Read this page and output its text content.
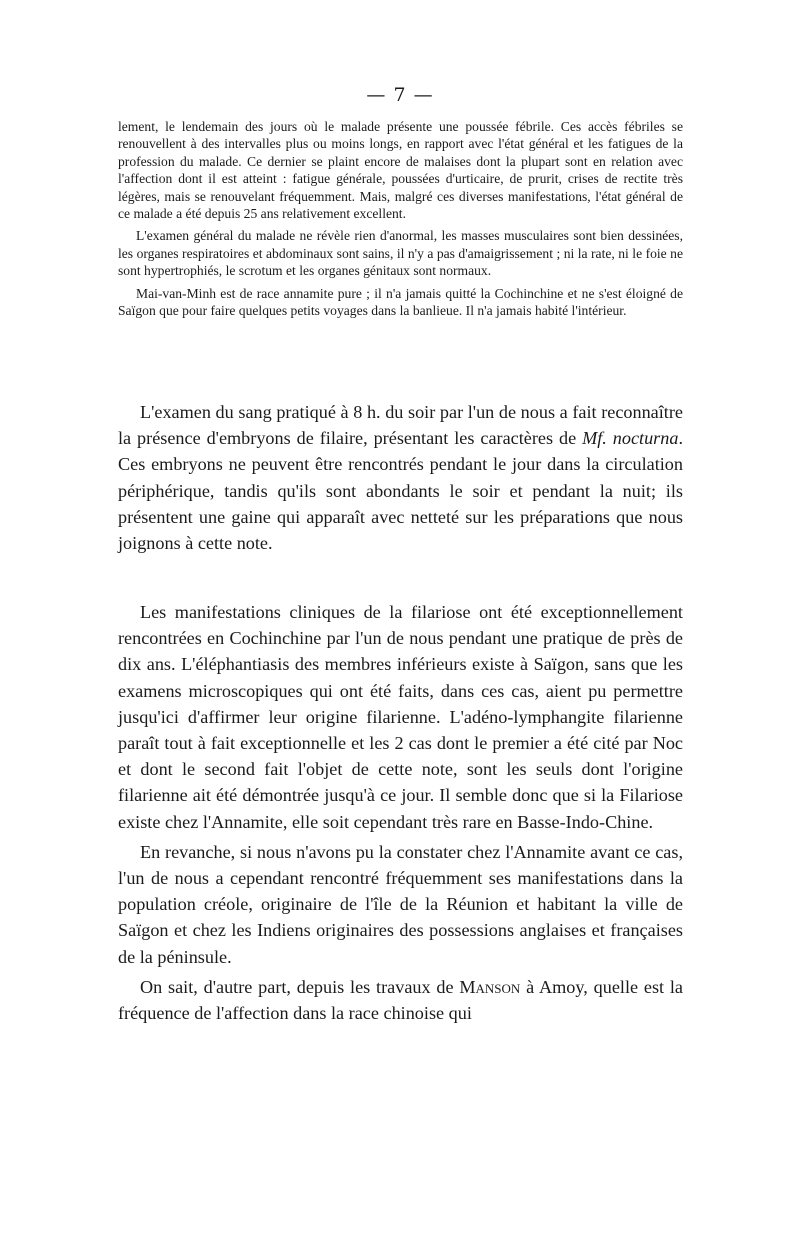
— 7 —

lement, le lendemain des jours où le malade présente une poussée fébrile. Ces accès fébriles se renouvellent à des intervalles plus ou moins longs, en rapport avec l'état général et les fatigues de la profession du malade. Ce dernier se plaint encore de malaises dont la plupart sont en relation avec l'affection dont il est atteint : fatigue générale, poussées d'urticaire, de prurit, crises de rectite très légères, mais se renouvelant fréquemment. Mais, malgré ces diverses manifestations, l'état général de ce malade a été depuis 25 ans relativement excellent.

L'examen général du malade ne révèle rien d'anormal, les masses musculaires sont bien dessinées, les organes respiratoires et abdominaux sont sains, il n'y a pas d'amaigrissement ; ni la rate, ni le foie ne sont hypertrophiés, le scrotum et les organes génitaux sont normaux.

Mai-van-Minh est de race annamite pure ; il n'a jamais quitté la Cochinchine et ne s'est éloigné de Saïgon que pour faire quelques petits voyages dans la banlieue. Il n'a jamais habité l'intérieur.

L'examen du sang pratiqué à 8 h. du soir par l'un de nous a fait reconnaître la présence d'embryons de filaire, présentant les caractères de Mf. nocturna. Ces embryons ne peuvent être rencontrés pendant le jour dans la circulation périphérique, tandis qu'ils sont abondants le soir et pendant la nuit; ils présentent une gaine qui apparaît avec netteté sur les préparations que nous joignons à cette note.

Les manifestations cliniques de la filariose ont été exceptionnellement rencontrées en Cochinchine par l'un de nous pendant une pratique de près de dix ans. L'éléphantiasis des membres inférieurs existe à Saïgon, sans que les examens microscopiques qui ont été faits, dans ces cas, aient pu permettre jusqu'ici d'affirmer leur origine filarienne. L'adéno-lymphangite filarienne paraît tout à fait exceptionnelle et les 2 cas dont le premier a été cité par Noc et dont le second fait l'objet de cette note, sont les seuls dont l'origine filarienne ait été démontrée jusqu'à ce jour. Il semble donc que si la Filariose existe chez l'Annamite, elle soit cependant très rare en Basse-Indo-Chine.

En revanche, si nous n'avons pu la constater chez l'Annamite avant ce cas, l'un de nous a cependant rencontré fréquemment ses manifestations dans la population créole, originaire de l'île de la Réunion et habitant la ville de Saïgon et chez les Indiens originaires des possessions anglaises et françaises de la péninsule.

On sait, d'autre part, depuis les travaux de Manson à Amoy, quelle est la fréquence de l'affection dans la race chinoise qui
